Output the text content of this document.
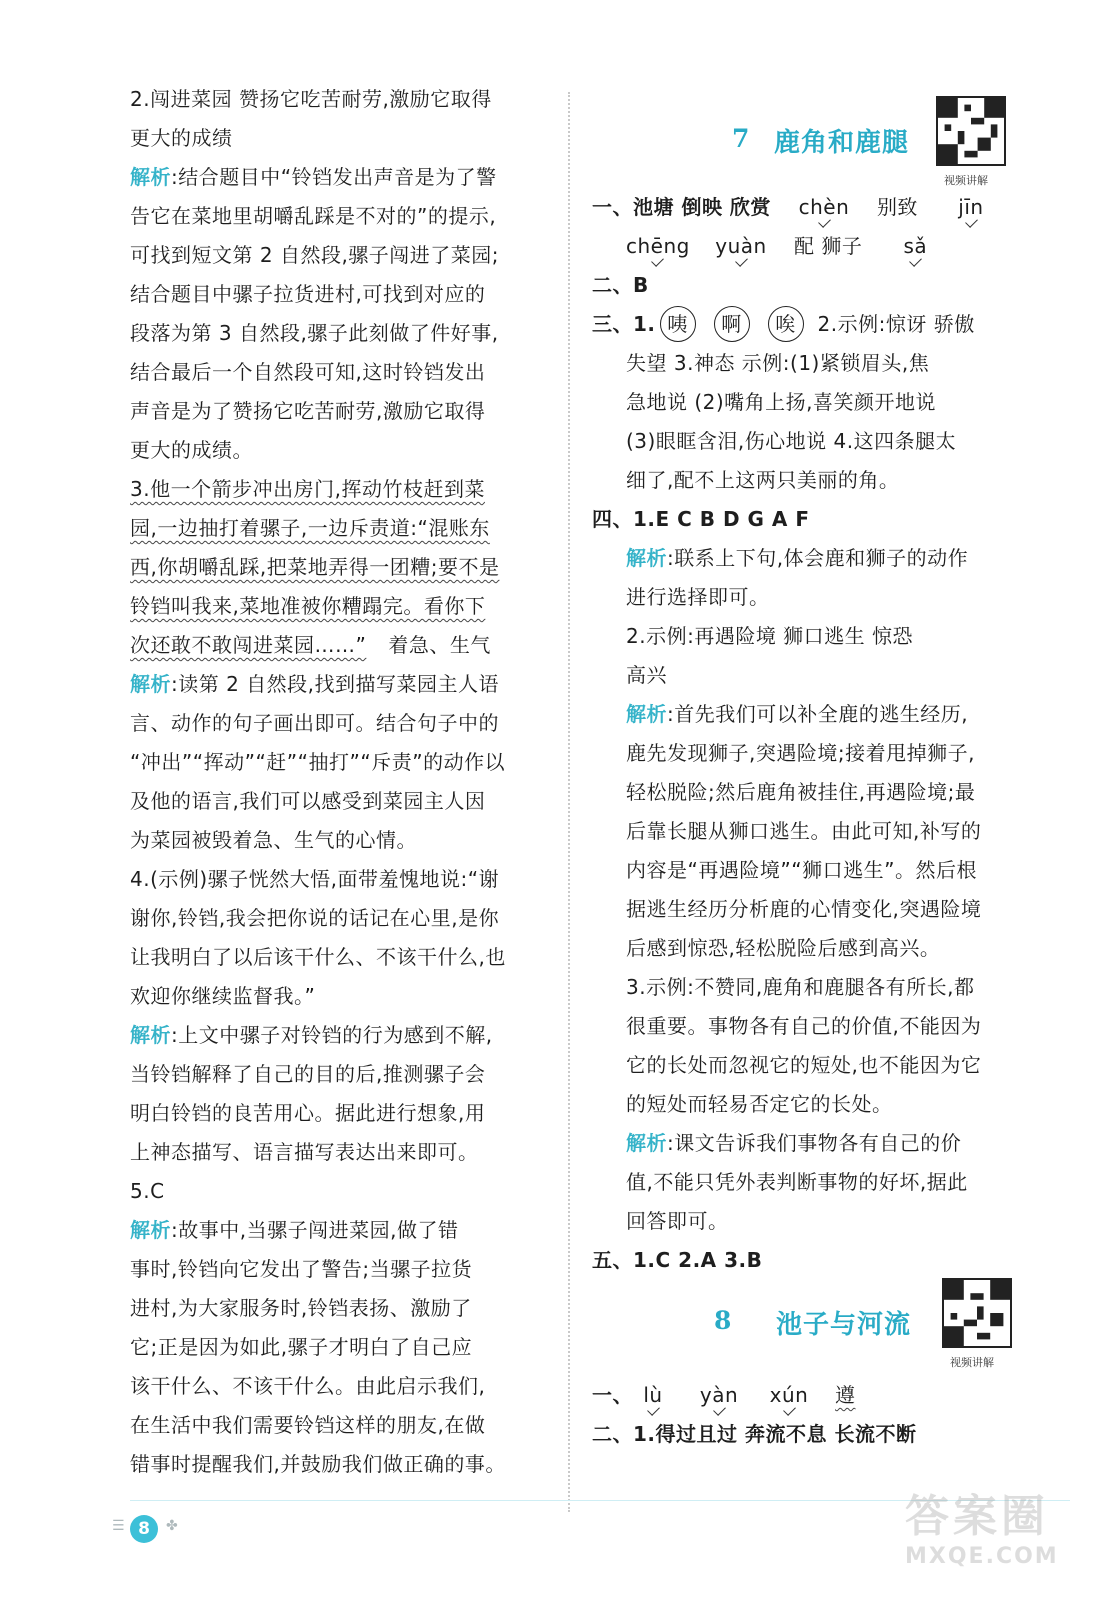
2.闯进菜园 赞扬它吃苦耐劳,激励它取得

更大的成绩

解析:结合题目中“铃铛发出声音是为了警

告它在菜地里胡嚼乱踩是不对的”的提示,

可找到短文第 2 自然段,骡子闯进了菜园;

结合题目中骡子拉货进村,可找到对应的

段落为第 3 自然段,骡子此刻做了件好事,

结合最后一个自然段可知,这时铃铛发出

声音是为了赞扬它吃苦耐劳,激励它取得

更大的成绩。

3.他一个箭步冲出房门,挥动竹枝赶到菜

园,一边抽打着骡子,一边斥责道:“混账东

西,你胡嚼乱踩,把菜地弄得一团糟;要不是

铃铛叫我来,菜地准被你糟蹋完。看你下

次还敢不敢闯进菜园……” 着急、生气

解析:读第 2 自然段,找到描写菜园主人语

言、动作的句子画出即可。结合句子中的

“冲出”“挥动”“赶”“抽打”“斥责”的动作以

及他的语言,我们可以感受到菜园主人因

为菜园被毁着急、生气的心情。

4.(示例)骡子恍然大悟,面带羞愧地说:“谢

谢你,铃铛,我会把你说的话记在心里,是你

让我明白了以后该干什么、不该干什么,也

欢迎你继续监督我。”

解析:上文中骡子对铃铛的行为感到不解,

当铃铛解释了自己的目的后,推测骡子会

明白铃铛的良苦用心。据此进行想象,用

上神态描写、语言描写表达出来即可。

5.C

解析:故事中,当骡子闯进菜园,做了错

事时,铃铛向它发出了警告;当骡子拉货

进村,为大家服务时,铃铛表扬、激励了

它;正是因为如此,骡子才明白了自己应

该干什么、不该干什么。由此启示我们,

在生活中我们需要铃铛这样的朋友,在做

错事时提醒我们,并鼓励我们做正确的事。

7 鹿角和鹿腿
视频讲解

一、池塘 倒映 欣赏 chèn 别致 jīn

chēng yuàn 配 狮子 sǎ

二、B

三、1. 咦 啊 唉 2.示例:惊讶 骄傲

失望 3.神态 示例:(1)紧锁眉头,焦

急地说 (2)嘴角上扬,喜笑颜开地说

(3)眼眶含泪,伤心地说 4.这四条腿太

细了,配不上这两只美丽的角。

四、1.E C B D G A F

解析:联系上下句,体会鹿和狮子的动作

进行选择即可。

2.示例:再遇险境 狮口逃生 惊恐

高兴

解析:首先我们可以补全鹿的逃生经历,

鹿先发现狮子,突遇险境;接着甩掉狮子,

轻松脱险;然后鹿角被挂住,再遇险境;最

后靠长腿从狮口逃生。由此可知,补写的

内容是“再遇险境”“狮口逃生”。然后根

据逃生经历分析鹿的心情变化,突遇险境

后感到惊恐,轻松脱险后感到高兴。

3.示例:不赞同,鹿角和鹿腿各有所长,都

很重要。事物各有自己的价值,不能因为

它的长处而忽视它的短处,也不能因为它

的短处而轻易否定它的长处。

解析:课文告诉我们事物各有自己的价

值,不能只凭外表判断事物的好坏,据此

回答即可。

五、1.C 2.A 3.B

8 池子与河流
视频讲解

一、 lù yàn xún 遵

二、1.得过且过 奔流不息 长流不断

☰ 8	✤	答案圈
MXQE.COM
